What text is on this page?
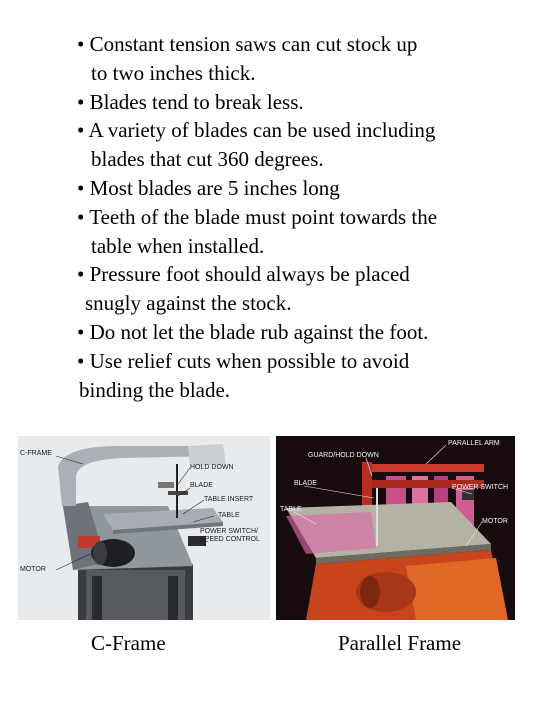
• Constant tension saws can cut stock up
to two inches thick.
• Blades tend to break less.
• A variety of blades can be used including
blades that cut 360 degrees.
• Most blades are 5 inches long
• Teeth of the blade must point towards the
table when installed.
• Pressure foot should always be placed
snugly against the stock.
• Do not let the blade rub against the foot.
• Use relief cuts when possible to avoid
binding the blade.
C-FRAME
HOLD DOWN
BLADE
TABLE INSERT
TABLE
POWER SWITCH/
SPEED CONTROL
MOTOR
PARALLEL ARM
GUARD/HOLD DOWN
BLADE
POWER SWITCH
TABLE
MOTOR
C-Frame	Parallel Frame
